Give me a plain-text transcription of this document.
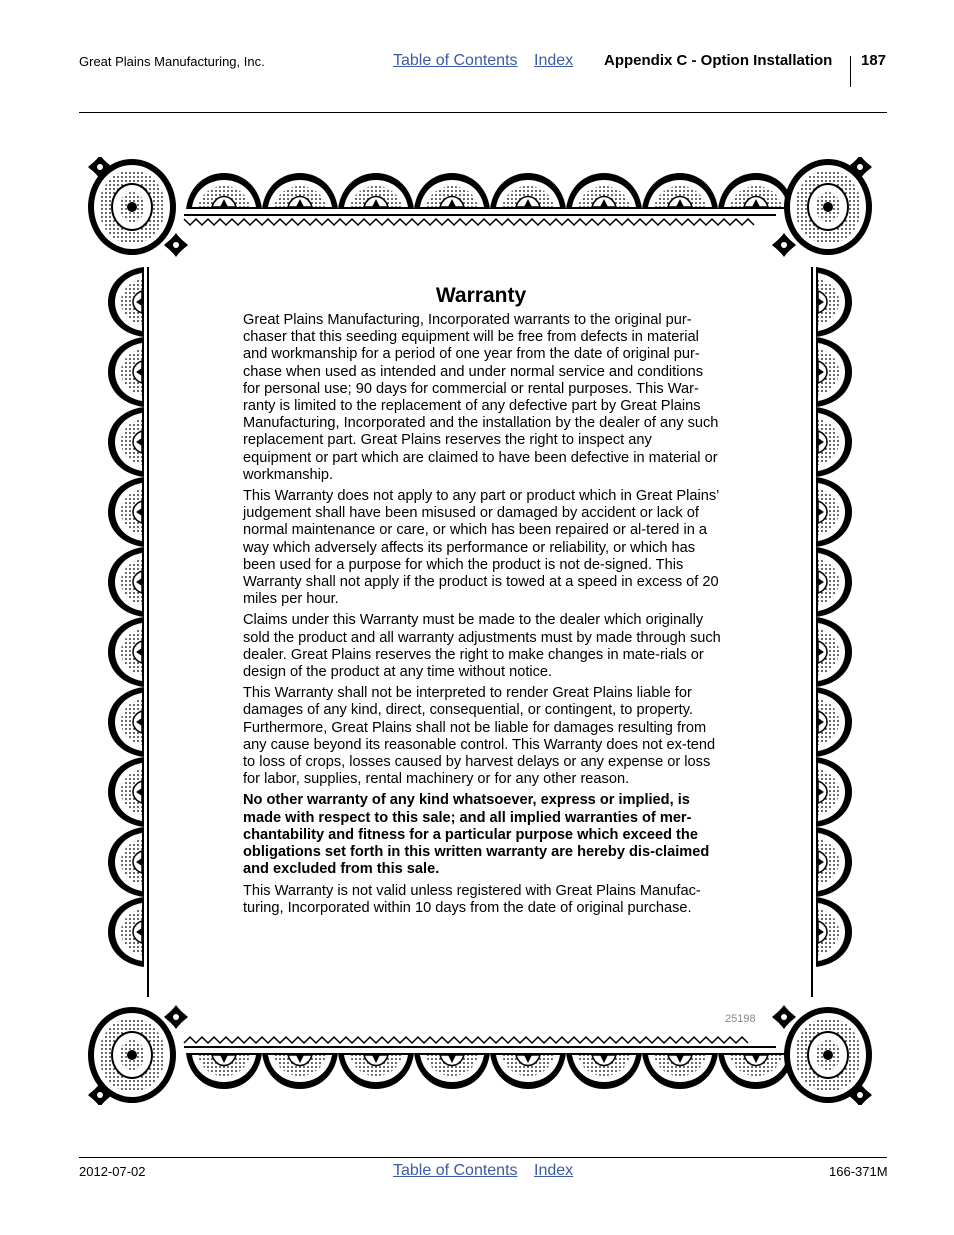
Great Plains Manufacturing, Inc.	Table of Contents Index Appendix C - Option Installation 187
Warranty

Great Plains Manufacturing, Incorporated warrants to the original pur-chaser that this seeding equipment will be free from defects in material and workmanship for a period of one year from the date of original pur-chase when used as intended and under normal service and conditions for personal use; 90 days for commercial or rental purposes. This War-ranty is limited to the replacement of any defective part by Great Plains Manufacturing, Incorporated and the installation by the dealer of any such replacement part. Great Plains reserves the right to inspect any equipment or part which are claimed to have been defective in material or workmanship.

This Warranty does not apply to any part or product which in Great Plains’ judgement shall have been misused or damaged by accident or lack of normal maintenance or care, or which has been repaired or al-tered in a way which adversely affects its performance or reliability, or which has been used for a purpose for which the product is not de-signed. This Warranty shall not apply if the product is towed at a speed in excess of 20 miles per hour.

Claims under this Warranty must be made to the dealer which originally sold the product and all warranty adjustments must by made through such dealer. Great Plains reserves the right to make changes in mate-rials or design of the product at any time without notice.

This Warranty shall not be interpreted to render Great Plains liable for damages of any kind, direct, consequential, or contingent, to property. Furthermore, Great Plains shall not be liable for damages resulting from any cause beyond its reasonable control. This Warranty does not ex-tend to loss of crops, losses caused by harvest delays or any expense or loss for labor, supplies, rental machinery or for any other reason.

No other warranty of any kind whatsoever, express or implied, is made with respect to this sale; and all implied warranties of mer-chantability and fitness for a particular purpose which exceed the obligations set forth in this written warranty are hereby dis-claimed and excluded from this sale.

This Warranty is not valid unless registered with Great Plains Manufac-turing, Incorporated within 10 days from the date of original purchase.

25198
2012-07-02	Table of Contents Index	166-371M
